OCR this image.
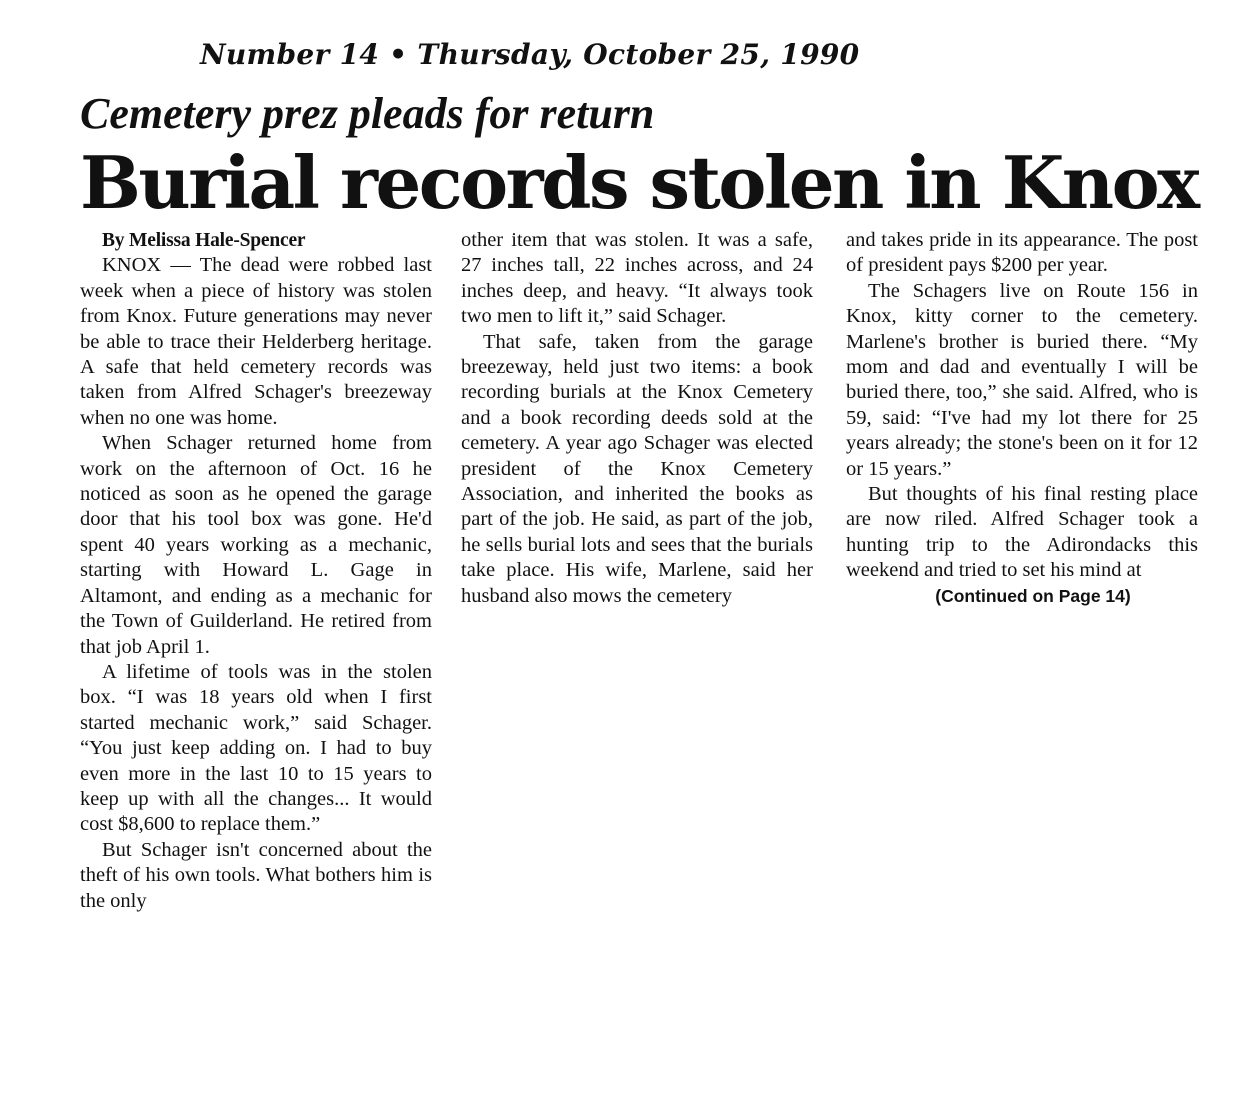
Number 14 • Thursday, October 25, 1990
Cemetery prez pleads for return
Burial records stolen in Knox

By Melissa Hale-Spencer

KNOX — The dead were robbed last week when a piece of history was stolen from Knox. Future generations may never be able to trace their Helderberg heritage. A safe that held cemetery records was taken from Alfred Schager's breezeway when no one was home.

When Schager returned home from work on the afternoon of Oct. 16 he noticed as soon as he opened the garage door that his tool box was gone. He'd spent 40 years working as a mechanic, starting with Howard L. Gage in Altamont, and ending as a mechanic for the Town of Guilderland. He retired from that job April 1.

A lifetime of tools was in the stolen box. “I was 18 years old when I first started mechanic work,” said Schager. “You just keep adding on. I had to buy even more in the last 10 to 15 years to keep up with all the changes... It would cost $8,600 to replace them.”

But Schager isn't concerned about the theft of his own tools. What bothers him is the only

other item that was stolen. It was a safe, 27 inches tall, 22 inches across, and 24 inches deep, and heavy. “It always took two men to lift it,” said Schager.

That safe, taken from the garage breezeway, held just two items: a book recording burials at the Knox Cemetery and a book recording deeds sold at the cemetery. A year ago Schager was elected president of the Knox Cemetery Association, and inherited the books as part of the job. He said, as part of the job, he sells burial lots and sees that the burials take place. His wife, Marlene, said her husband also mows the cemetery

and takes pride in its appearance. The post of president pays $200 per year.

The Schagers live on Route 156 in Knox, kitty corner to the cemetery. Marlene's brother is buried there. “My mom and dad and eventually I will be buried there, too,” she said. Alfred, who is 59, said: “I've had my lot there for 25 years already; the stone's been on it for 12 or 15 years.”

But thoughts of his final resting place are now riled. Alfred Schager took a hunting trip to the Adirondacks this weekend and tried to set his mind at

(Continued on Page 14)
